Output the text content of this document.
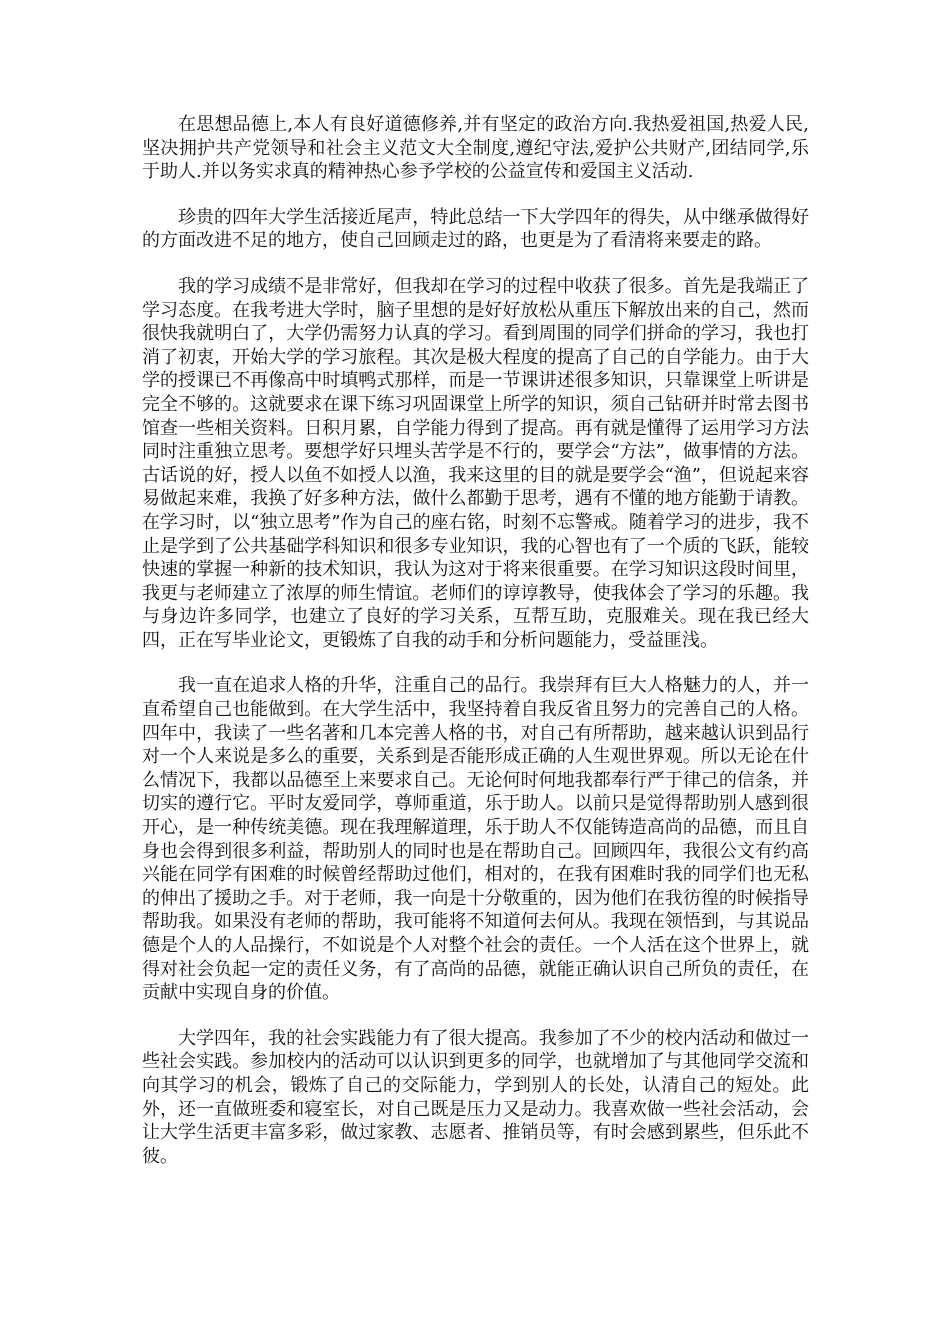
在思想品德上,本人有良好道德修养,并有坚定的政治方向.我热爱祖国,热爱人民,坚决拥护共产党领导和社会主义范文大全制度,遵纪守法,爱护公共财产,团结同学,乐于助人.并以务实求真的精神热心参予学校的公益宣传和爱国主义活动.

珍贵的四年大学生活接近尾声，特此总结一下大学四年的得失，从中继承做得好的方面改进不足的地方，使自己回顾走过的路，也更是为了看清将来要走的路。

我的学习成绩不是非常好，但我却在学习的过程中收获了很多。首先是我端正了学习态度。在我考进大学时，脑子里想的是好好放松从重压下解放出来的自己，然而很快我就明白了，大学仍需努力认真的学习。看到周围的同学们拼命的学习，我也打消了初衷，开始大学的学习旅程。其次是极大程度的提高了自己的自学能力。由于大学的授课已不再像高中时填鸭式那样，而是一节课讲述很多知识，只靠课堂上听讲是完全不够的。这就要求在课下练习巩固课堂上所学的知识，须自己钻研并时常去图书馆查一些相关资料。日积月累，自学能力得到了提高。再有就是懂得了运用学习方法同时注重独立思考。要想学好只埋头苦学是不行的，要学会“方法”，做事情的方法。古话说的好，授人以鱼不如授人以渔，我来这里的目的就是要学会“渔”，但说起来容易做起来难，我换了好多种方法，做什么都勤于思考，遇有不懂的地方能勤于请教。在学习时，以“独立思考”作为自己的座右铭，时刻不忘警戒。随着学习的进步，我不止是学到了公共基础学科知识和很多专业知识，我的心智也有了一个质的飞跃，能较快速的掌握一种新的技术知识，我认为这对于将来很重要。在学习知识这段时间里，我更与老师建立了浓厚的师生情谊。老师们的谆谆教导，使我体会了学习的乐趣。我与身边许多同学，也建立了良好的学习关系，互帮互助，克服难关。现在我已经大四，正在写毕业论文，更锻炼了自我的动手和分析问题能力，受益匪浅。

我一直在追求人格的升华，注重自己的品行。我崇拜有巨大人格魅力的人，并一直希望自己也能做到。在大学生活中，我坚持着自我反省且努力的完善自己的人格。四年中，我读了一些名著和几本完善人格的书，对自己有所帮助，越来越认识到品行对一个人来说是多么的重要，关系到是否能形成正确的人生观世界观。所以无论在什么情况下，我都以品德至上来要求自己。无论何时何地我都奉行严于律己的信条，并切实的遵行它。平时友爱同学，尊师重道，乐于助人。以前只是觉得帮助别人感到很开心，是一种传统美德。现在我理解道理，乐于助人不仅能铸造高尚的品德，而且自身也会得到很多利益，帮助别人的同时也是在帮助自己。回顾四年，我很公文有约高兴能在同学有困难的时候曾经帮助过他们，相对的，在我有困难时我的同学们也无私的伸出了援助之手。对于老师，我一向是十分敬重的，因为他们在我彷徨的时候指导帮助我。如果没有老师的帮助，我可能将不知道何去何从。我现在领悟到，与其说品德是个人的人品操行，不如说是个人对整个社会的责任。一个人活在这个世界上，就得对社会负起一定的责任义务，有了高尚的品德，就能正确认识自己所负的责任，在贡献中实现自身的价值。

大学四年，我的社会实践能力有了很大提高。我参加了不少的校内活动和做过一些社会实践。参加校内的活动可以认识到更多的同学，也就增加了与其他同学交流和向其学习的机会，锻炼了自己的交际能力，学到别人的长处，认清自己的短处。此外，还一直做班委和寝室长，对自己既是压力又是动力。我喜欢做一些社会活动，会让大学生活更丰富多彩，做过家教、志愿者、推销员等，有时会感到累些，但乐此不彼。
